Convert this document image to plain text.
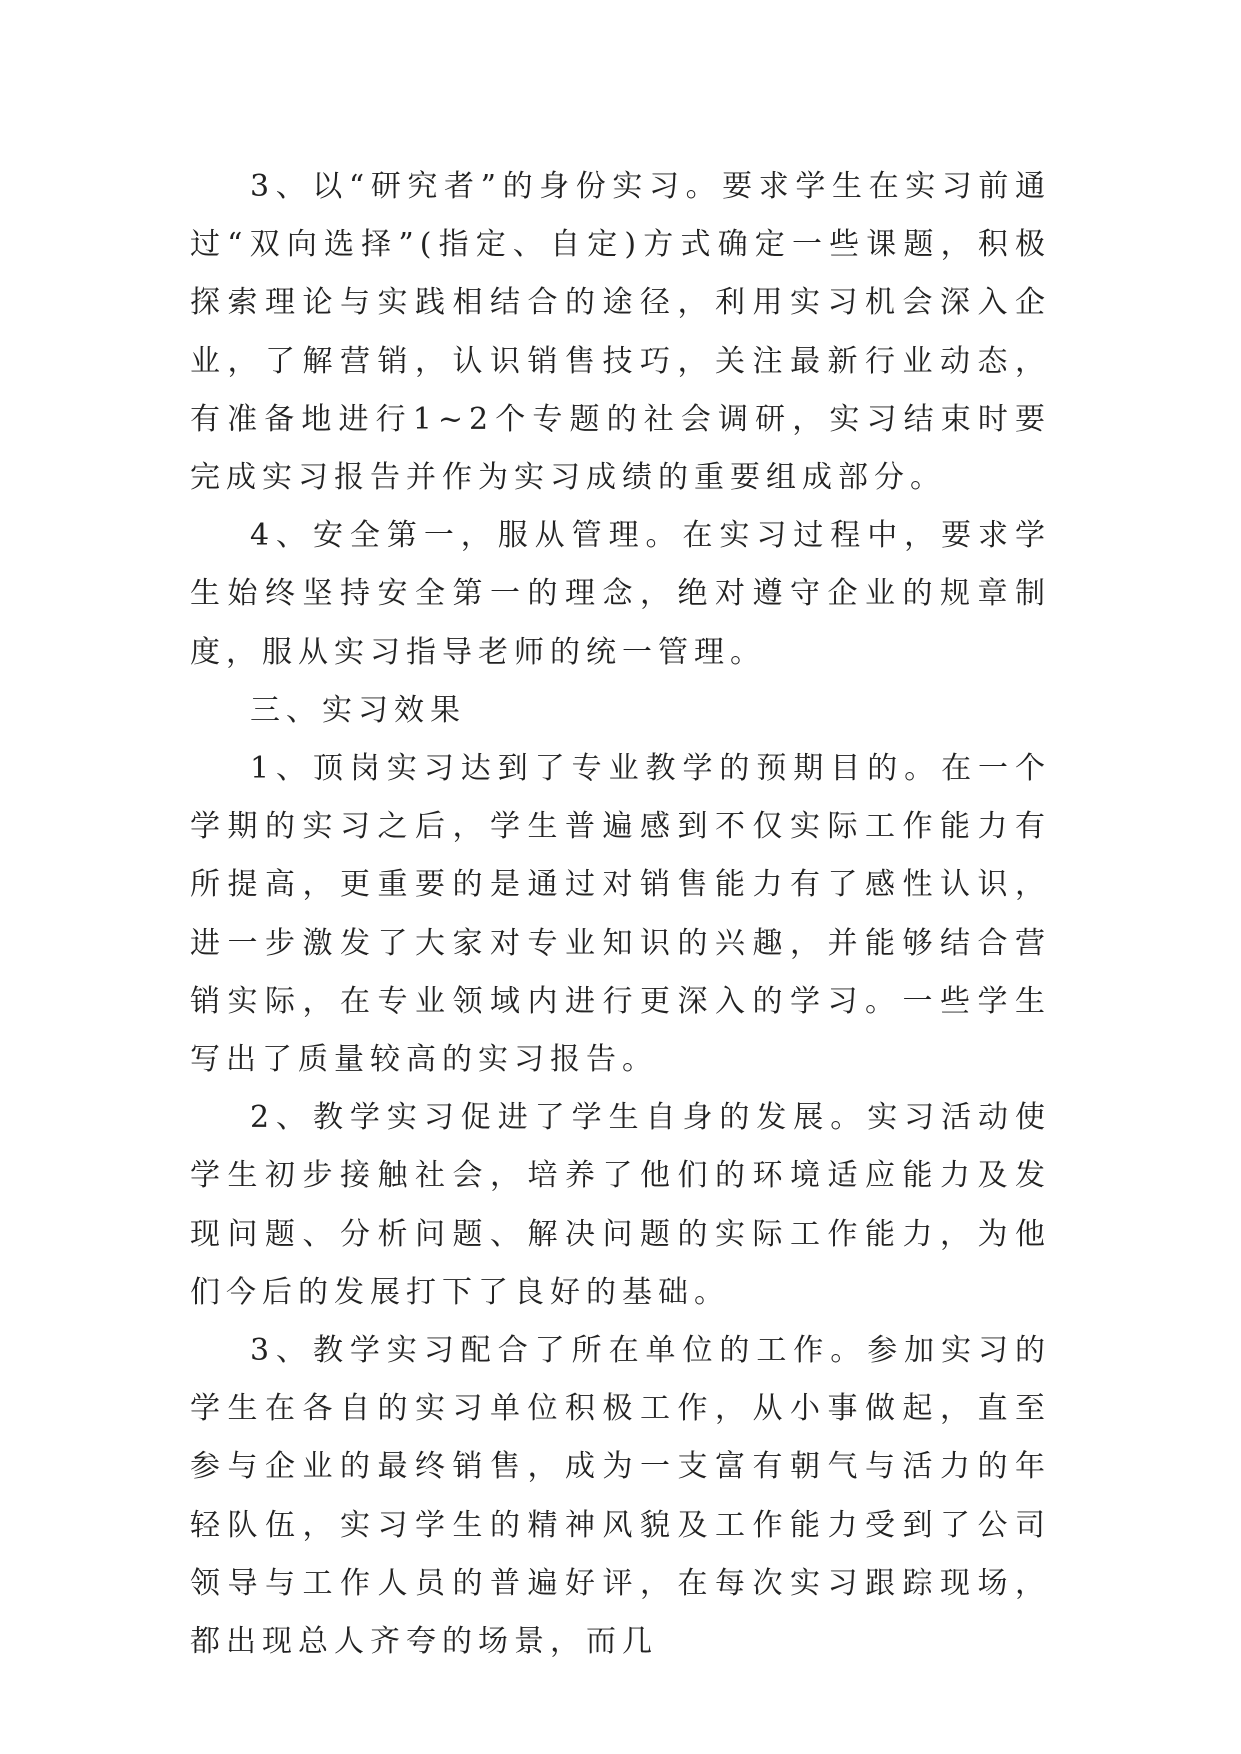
3、以“研究者”的身份实习。要求学生在实习前通过“双向选择”(指定、自定)方式确定一些课题，积极探索理论与实践相结合的途径，利用实习机会深入企业，了解营销，认识销售技巧，关注最新行业动态，有准备地进行1~2个专题的社会调研，实习结束时要完成实习报告并作为实习成绩的重要组成部分。

4、安全第一，服从管理。在实习过程中，要求学生始终坚持安全第一的理念，绝对遵守企业的规章制度，服从实习指导老师的统一管理。

三、实习效果

1、顶岗实习达到了专业教学的预期目的。在一个学期的实习之后，学生普遍感到不仅实际工作能力有所提高，更重要的是通过对销售能力有了感性认识，进一步激发了大家对专业知识的兴趣，并能够结合营销实际，在专业领域内进行更深入的学习。一些学生写出了质量较高的实习报告。

2、教学实习促进了学生自身的发展。实习活动使学生初步接触社会，培养了他们的环境适应能力及发现问题、分析问题、解决问题的实际工作能力，为他们今后的发展打下了良好的基础。

3、教学实习配合了所在单位的工作。参加实习的学生在各自的实习单位积极工作，从小事做起，直至参与企业的最终销售，成为一支富有朝气与活力的年轻队伍，实习学生的精神风貌及工作能力受到了公司领导与工作人员的普遍好评，在每次实习跟踪现场，都出现总人齐夸的场景，而几
